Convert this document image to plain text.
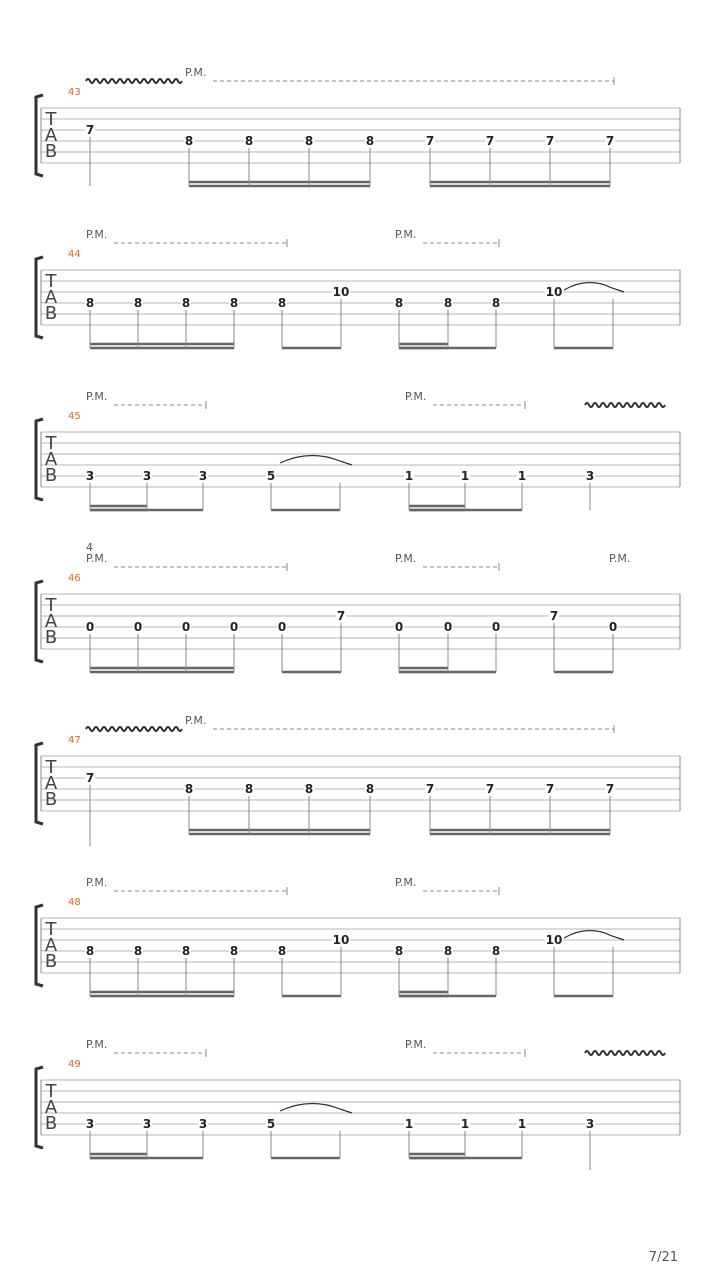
T
A
B
43
P.M.
7
8	8	8	8	7	7	7	7
T
A
B
44
P.M.	P.M.
8	8	8	8	8
10
8	8	8
10
T
A
B
45
P.M.	P.M.
3	3	3	5	1	1	1	3
T
A
B
46
4
P.M.	P.M.	P.M.
0	0	0	0	0
7
0	0	0
7
0
T
A
B
47
P.M.
7
8	8	8	8	7	7	7	7
T
A
B
48
P.M.	P.M.
8	8	8	8	8
10
8	8	8
10
T
A
B
49
P.M.	P.M.
3	3	3	5	1	1	1	3
7/21
